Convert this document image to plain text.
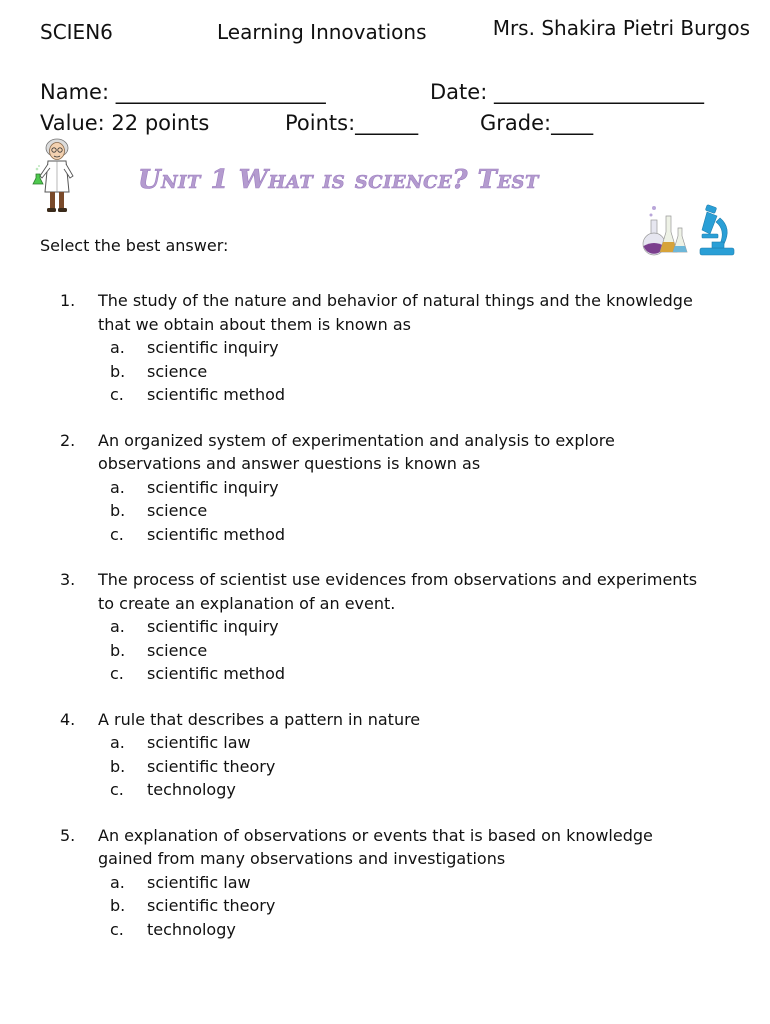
SCIEN6	Learning Innovations	Mrs. Shakira Pietri Burgos
Name: ____________________	Date: ____________________
Value: 22 points	Points:______	Grade:____
Unit 1 What is science? Test
Select the best answer:
1. The study of the nature and behavior of natural things and the knowledge
that we obtain about them is known as
a. scientific inquiry
b. science
c. scientific method
2. An organized system of experimentation and analysis to explore
observations and answer questions is known as
a. scientific inquiry
b. science
c. scientific method
3. The process of scientist use evidences from observations and experiments
to create an explanation of an event.
a. scientific inquiry
b. science
c. scientific method
4. A rule that describes a pattern in nature
a. scientific law
b. scientific theory
c. technology
5. An explanation of observations or events that is based on knowledge
gained from many observations and investigations
a. scientific law
b. scientific theory
c. technology
